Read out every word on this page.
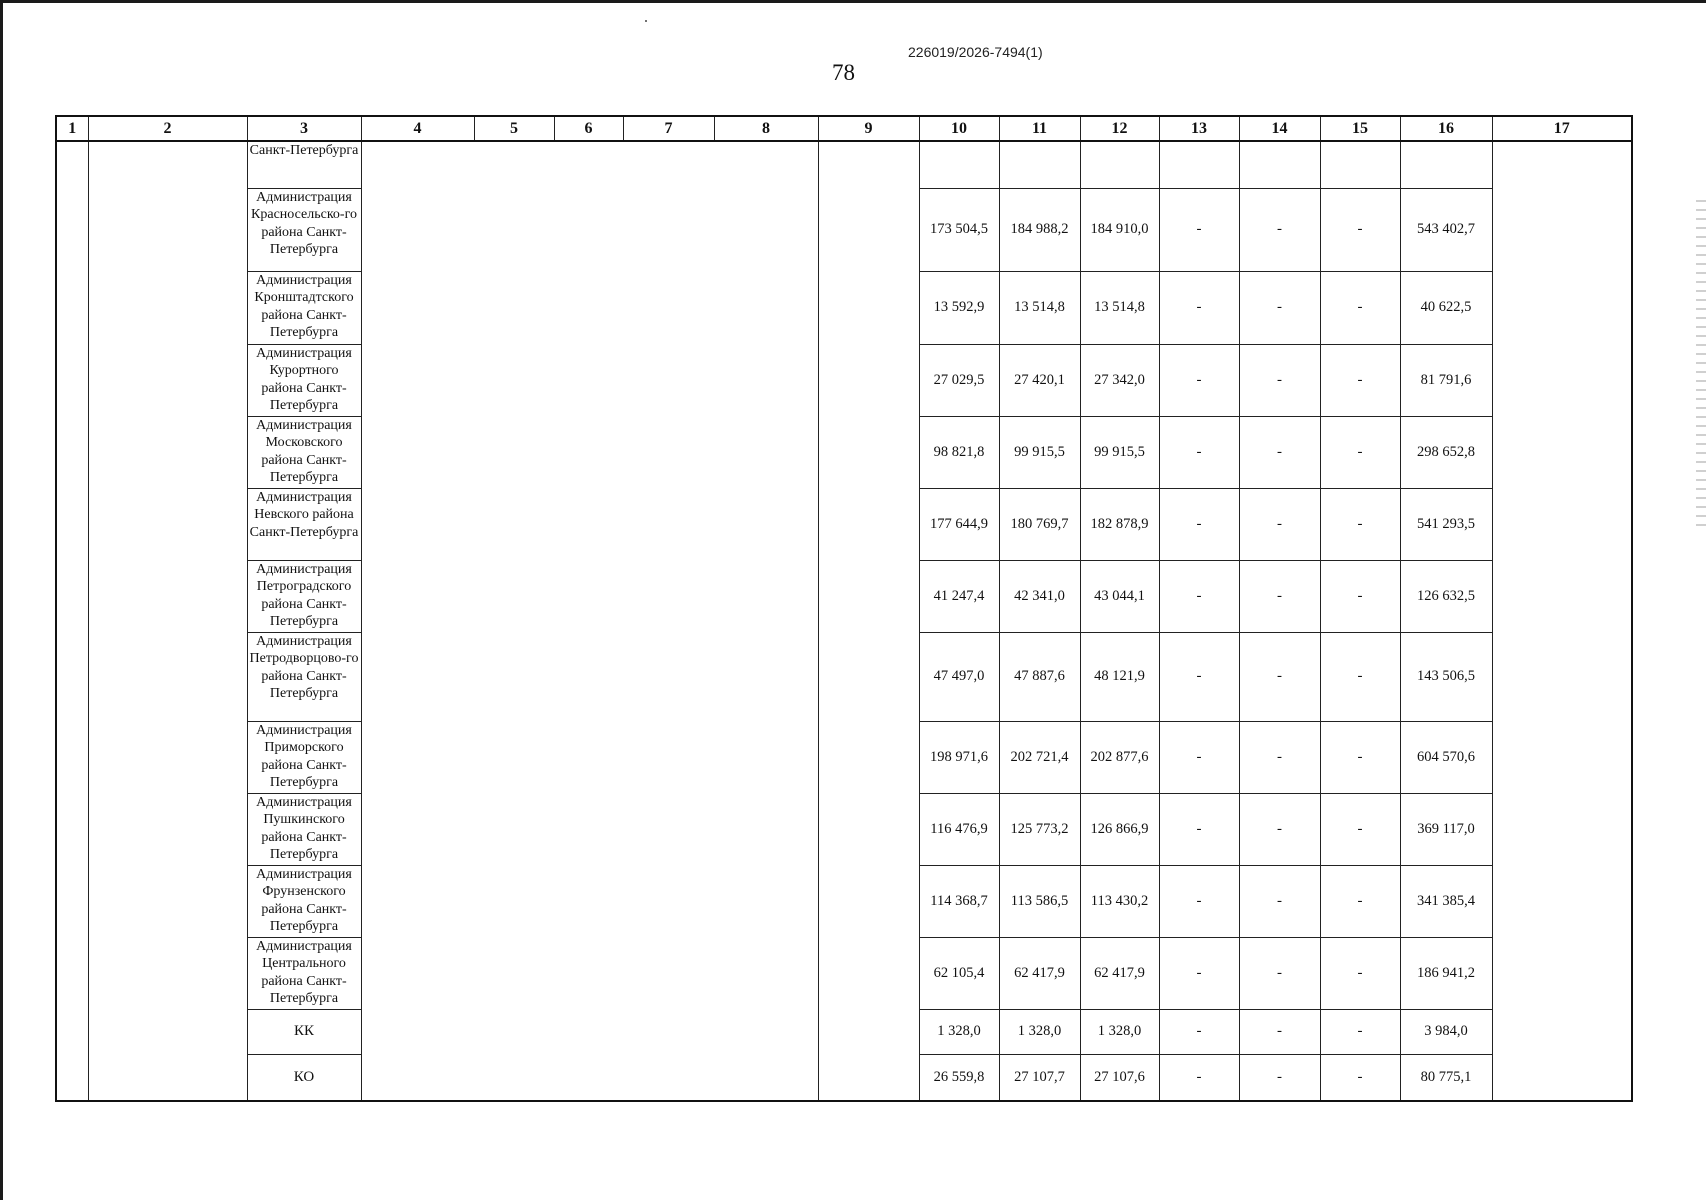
226019/2026-7494(1)
78
1	2	3	4	5	6	7	8	9	10	11	12	13	14	15	16	17
		Санкт-Петербурга														
		Администрация Красносельско-го района Санкт-Петербурга							173 504,5	184 988,2	184 910,0	-	-	-	543 402,7	
		Администрация Кронштадтского района Санкт-Петербурга							13 592,9	13 514,8	13 514,8	-	-	-	40 622,5	
		Администрация Курортного района Санкт-Петербурга							27 029,5	27 420,1	27 342,0	-	-	-	81 791,6	
		Администрация Московского района Санкт-Петербурга							98 821,8	99 915,5	99 915,5	-	-	-	298 652,8	
		Администрация Невского района Санкт-Петербурга							177 644,9	180 769,7	182 878,9	-	-	-	541 293,5	
		Администрация Петроградского района Санкт-Петербурга							41 247,4	42 341,0	43 044,1	-	-	-	126 632,5	
		Администрация Петродворцово-го района Санкт-Петербурга							47 497,0	47 887,6	48 121,9	-	-	-	143 506,5	
		Администрация Приморского района Санкт-Петербурга							198 971,6	202 721,4	202 877,6	-	-	-	604 570,6	
		Администрация Пушкинского района Санкт-Петербурга							116 476,9	125 773,2	126 866,9	-	-	-	369 117,0	
		Администрация Фрунзенского района Санкт-Петербурга							114 368,7	113 586,5	113 430,2	-	-	-	341 385,4	
		Администрация Центрального района Санкт-Петербурга							62 105,4	62 417,9	62 417,9	-	-	-	186 941,2	
		КК							1 328,0	1 328,0	1 328,0	-	-	-	3 984,0	
		КО							26 559,8	27 107,7	27 107,6	-	-	-	80 775,1	
